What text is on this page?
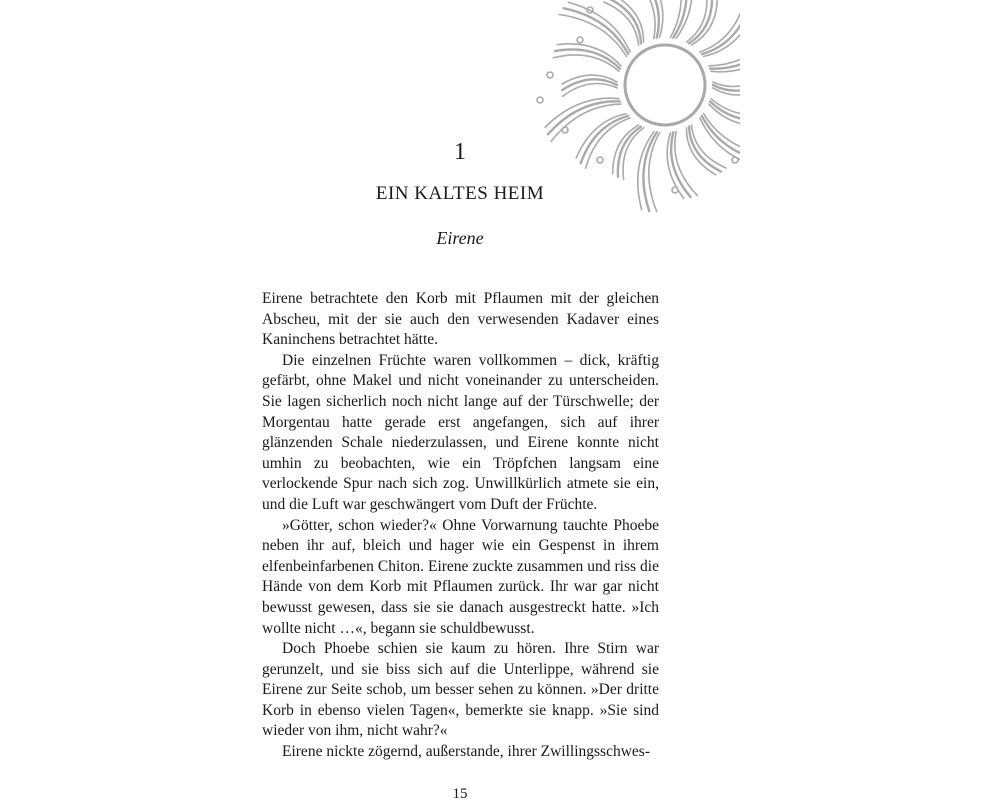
1
EIN KALTES HEIM
Eirene

Eirene betrachtete den Korb mit Pflaumen mit der gleichen Abscheu, mit der sie auch den verwesenden Kadaver eines Kaninchens betrachtet hätte.

Die einzelnen Früchte waren vollkommen – dick, kräftig gefärbt, ohne Makel und nicht voneinander zu unterscheiden. Sie lagen sicherlich noch nicht lange auf der Türschwelle; der Morgentau hatte gerade erst angefangen, sich auf ihrer glänzenden Schale niederzulassen, und Eirene konnte nicht umhin zu beobachten, wie ein Tröpfchen langsam eine verlockende Spur nach sich zog. Unwillkürlich atmete sie ein, und die Luft war geschwängert vom Duft der Früchte.

»Götter, schon wieder?« Ohne Vorwarnung tauchte Phoebe neben ihr auf, bleich und hager wie ein Gespenst in ihrem elfenbeinfarbenen Chiton. Eirene zuckte zusammen und riss die Hände von dem Korb mit Pflaumen zurück. Ihr war gar nicht bewusst gewesen, dass sie sie danach ausgestreckt hatte. »Ich wollte nicht …«, begann sie schuldbewusst.

Doch Phoebe schien sie kaum zu hören. Ihre Stirn war gerunzelt, und sie biss sich auf die Unterlippe, während sie Eirene zur Seite schob, um besser sehen zu können. »Der dritte Korb in ebenso vielen Tagen«, bemerkte sie knapp. »Sie sind wieder von ihm, nicht wahr?«

Eirene nickte zögernd, außerstande, ihrer Zwillingsschwes-

15
